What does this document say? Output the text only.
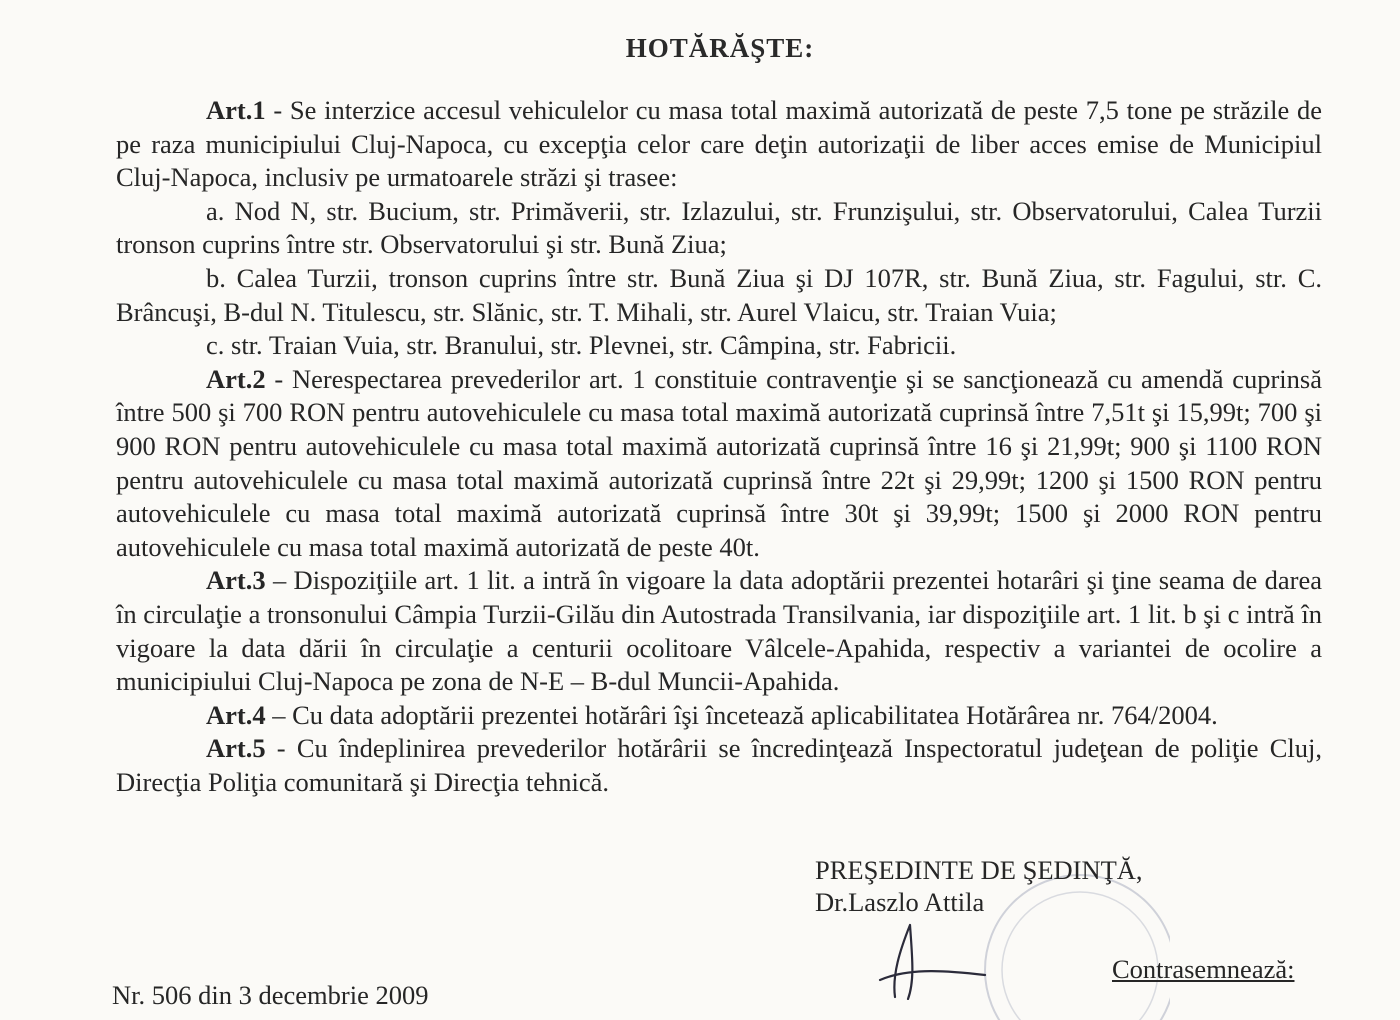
HOTĂRĂŞTE:

Art.1 - Se interzice accesul vehiculelor cu masa total maximă autorizată de peste 7,5 tone pe străzile de pe raza municipiului Cluj-Napoca, cu excepţia celor care deţin autorizaţii de liber acces emise de Municipiul Cluj-Napoca, inclusiv pe urmatoarele străzi şi trasee:

a. Nod N, str. Bucium, str. Primăverii, str. Izlazului, str. Frunzişului, str. Observatorului, Calea Turzii tronson cuprins între str. Observatorului şi str. Bună Ziua;

b. Calea Turzii, tronson cuprins între str. Bună Ziua şi DJ 107R, str. Bună Ziua, str. Fagului, str. C. Brâncuşi, B-dul N. Titulescu, str. Slănic, str. T. Mihali, str. Aurel Vlaicu, str. Traian Vuia;

c. str. Traian Vuia, str. Branului, str. Plevnei, str. Câmpina, str. Fabricii.

Art.2 - Nerespectarea prevederilor art. 1 constituie contravenţie şi se sancţionează cu amendă cuprinsă între 500 şi 700 RON pentru autovehiculele cu masa total maximă autorizată cuprinsă între 7,51t şi 15,99t; 700 şi 900 RON pentru autovehiculele cu masa total maximă autorizată cuprinsă între 16 şi 21,99t; 900 şi 1100 RON pentru autovehiculele cu masa total maximă autorizată cuprinsă între 22t şi 29,99t; 1200 şi 1500 RON pentru autovehiculele cu masa total maximă autorizată cuprinsă între 30t şi 39,99t; 1500 şi 2000 RON pentru autovehiculele cu masa total maximă autorizată de peste 40t.

Art.3 – Dispoziţiile art. 1 lit. a intră în vigoare la data adoptării prezentei hotarâri şi ţine seama de darea în circulaţie a tronsonului Câmpia Turzii-Gilău din Autostrada Transilvania, iar dispoziţiile art. 1 lit. b şi c intră în vigoare la data dării în circulaţie a centurii ocolitoare Vâlcele-Apahida, respectiv a variantei de ocolire a municipiului Cluj-Napoca pe zona de N-E – B-dul Muncii-Apahida.

Art.4 – Cu data adoptării prezentei hotărâri îşi încetează aplicabilitatea Hotărârea nr. 764/2004.

Art.5 - Cu îndeplinirea prevederilor hotărârii se încredinţează Inspectoratul judeţean de poliţie Cluj, Direcţia Poliţia comunitară şi Direcţia tehnică.

PREŞEDINTE DE ŞEDINŢĂ,
Dr.Laszlo Attila
Contrasemnează:
Nr. 506 din 3 decembrie 2009
